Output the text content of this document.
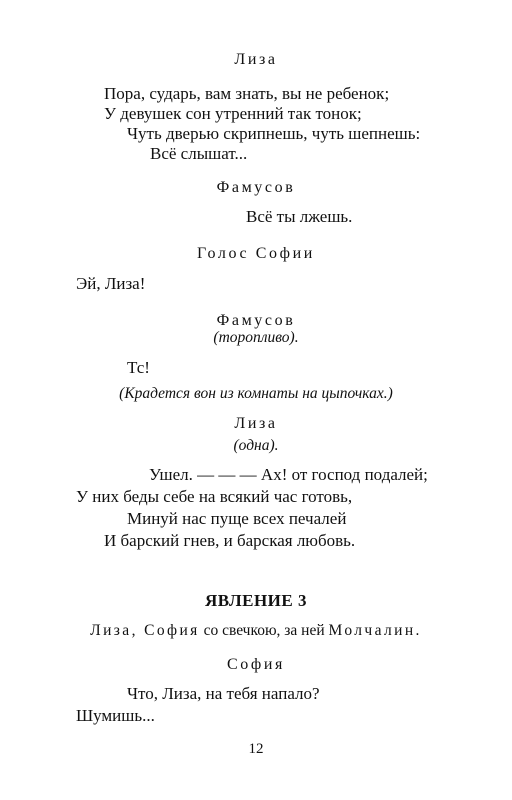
Лиза
Пора, сударь, вам знать, вы не ребенок;
У девушек сон утренний так тонок;
Чуть дверью скрипнешь, чуть шепнешь:
Всё слышат...
Фамусов
Всё ты лжешь.
Голос Софии
Эй, Лиза!
Фамусов
(торопливо).
Тс!
(Крадется вон из комнаты на цыпочках.)
Лиза
(одна).
Ушел. — — — Ах! от господ подалей;
У них беды себе на всякий час готовь,
Минуй нас пуще всех печалей
И барский гнев, и барская любовь.
ЯВЛЕНИЕ 3
Лиза, София со свечкою, за ней Молчалин.
София
Что, Лиза, на тебя напало?
Шумишь...
12
